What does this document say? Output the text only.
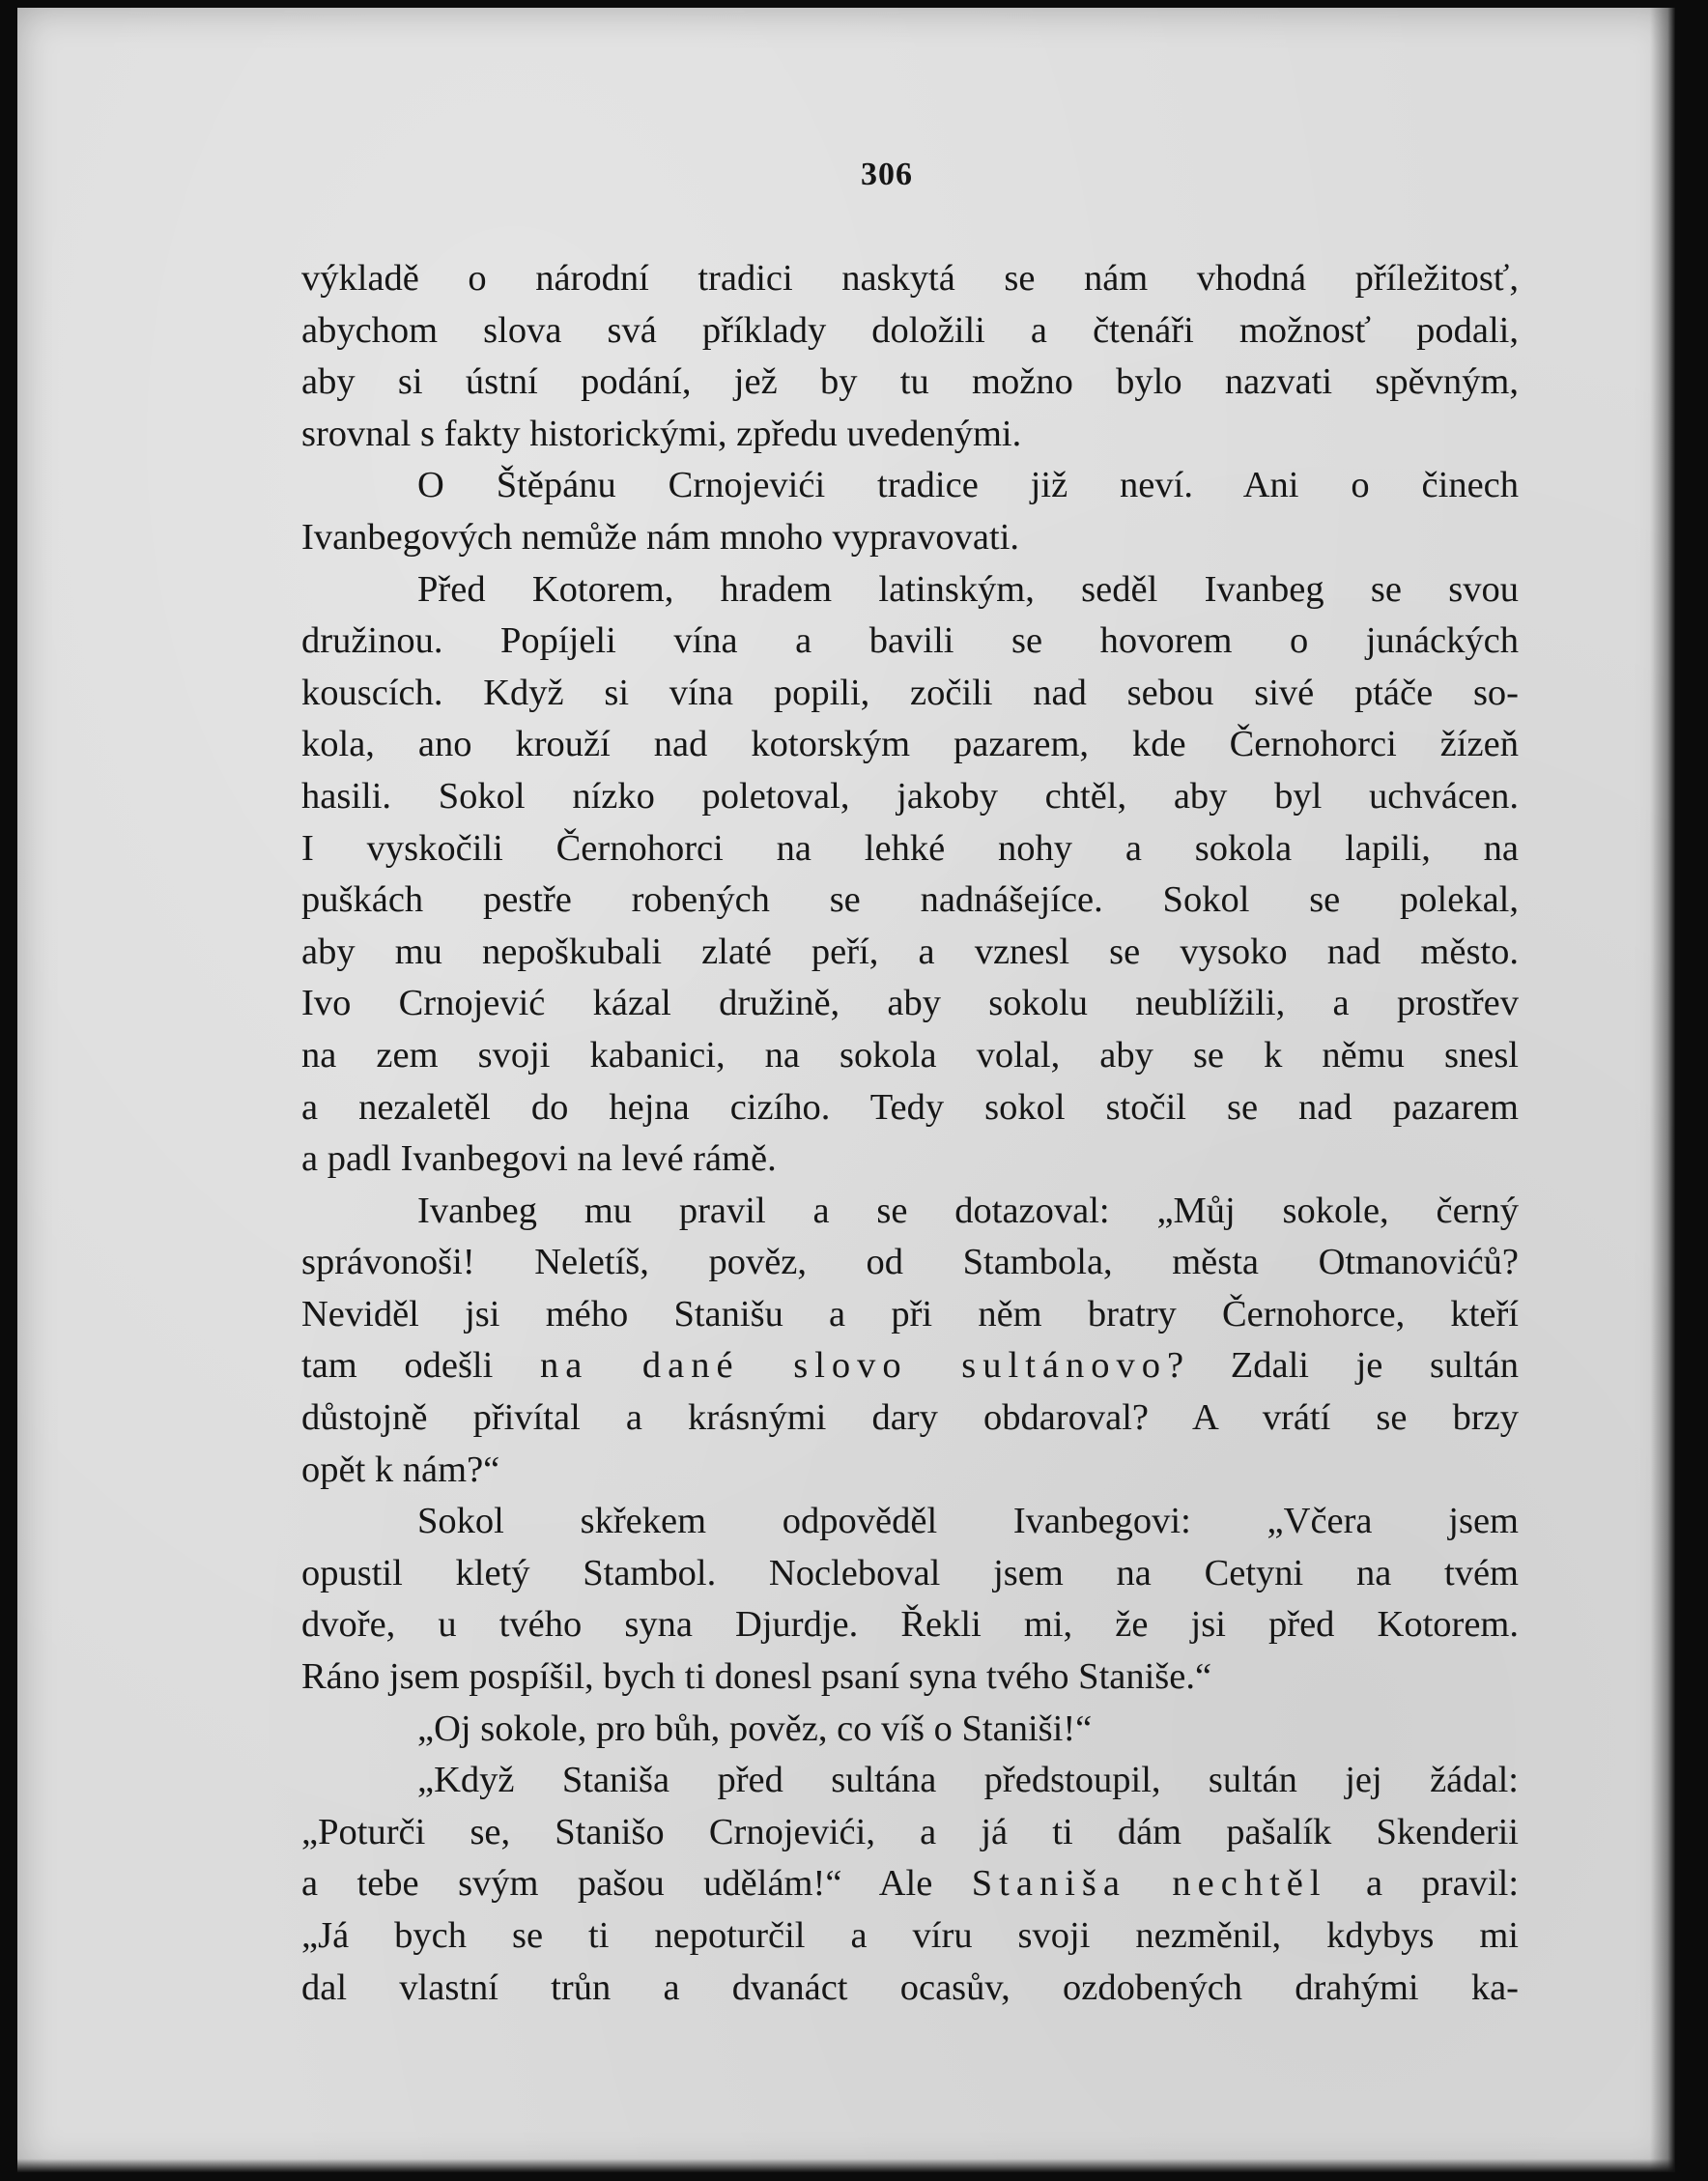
306
výkladě o národní tradici naskytá se nám vhodná příležitosť,
abychom slova svá příklady doložili a čtenáři možnosť podali,
aby si ústní podání, jež by tu možno bylo nazvati spěvným,
srovnal s fakty historickými, zpředu uvedenými.
O Štěpánu Crnojevići tradice již neví. Ani o činech
Ivanbegových nemůže nám mnoho vypravovati.
Před Kotorem, hradem latinským, seděl Ivanbeg se svou
družinou. Popíjeli vína a bavili se hovorem o junáckých
kouscích. Když si vína popili, zočili nad sebou sivé ptáče so-
kola, ano krouží nad kotorským pazarem, kde Černohorci žízeň
hasili. Sokol nízko poletoval, jakoby chtěl, aby byl uchvácen.
I vyskočili Černohorci na lehké nohy a sokola lapili, na
puškách pestře robených se nadnášejíce. Sokol se polekal,
aby mu nepoškubali zlaté peří, a vznesl se vysoko nad město.
Ivo Crnojević kázal družině, aby sokolu neublížili, a prostřev
na zem svoji kabanici, na sokola volal, aby se k němu snesl
a nezaletěl do hejna cizího. Tedy sokol stočil se nad pazarem
a padl Ivanbegovi na levé rámě.
Ivanbeg mu pravil a se dotazoval: „Můj sokole, černý
správonoši! Neletíš, pověz, od Stambola, města Otmanovićů?
Neviděl jsi mého Stanišu a při něm bratry Černohorce, kteří
tam odešli na dané slovo sultánovo? Zdali je sultán
důstojně přivítal a krásnými dary obdaroval? A vrátí se brzy
opět k nám?“
Sokol skřekem odpověděl Ivanbegovi: „Včera jsem
opustil kletý Stambol. Nocleboval jsem na Cetyni na tvém
dvoře, u tvého syna Djurdje. Řekli mi, že jsi před Kotorem.
Ráno jsem pospíšil, bych ti donesl psaní syna tvého Staniše.“
„Oj sokole, pro bůh, pověz, co víš o Staniši!“
„Když Staniša před sultána předstoupil, sultán jej žádal:
„Poturči se, Stanišo Crnojevići, a já ti dám pašalík Skenderii
a tebe svým pašou udělám!“ Ale Staniša nechtěl a pravil:
„Já bych se ti nepoturčil a víru svoji nezměnil, kdybys mi
dal vlastní trůn a dvanáct ocasův, ozdobených drahými ka-
